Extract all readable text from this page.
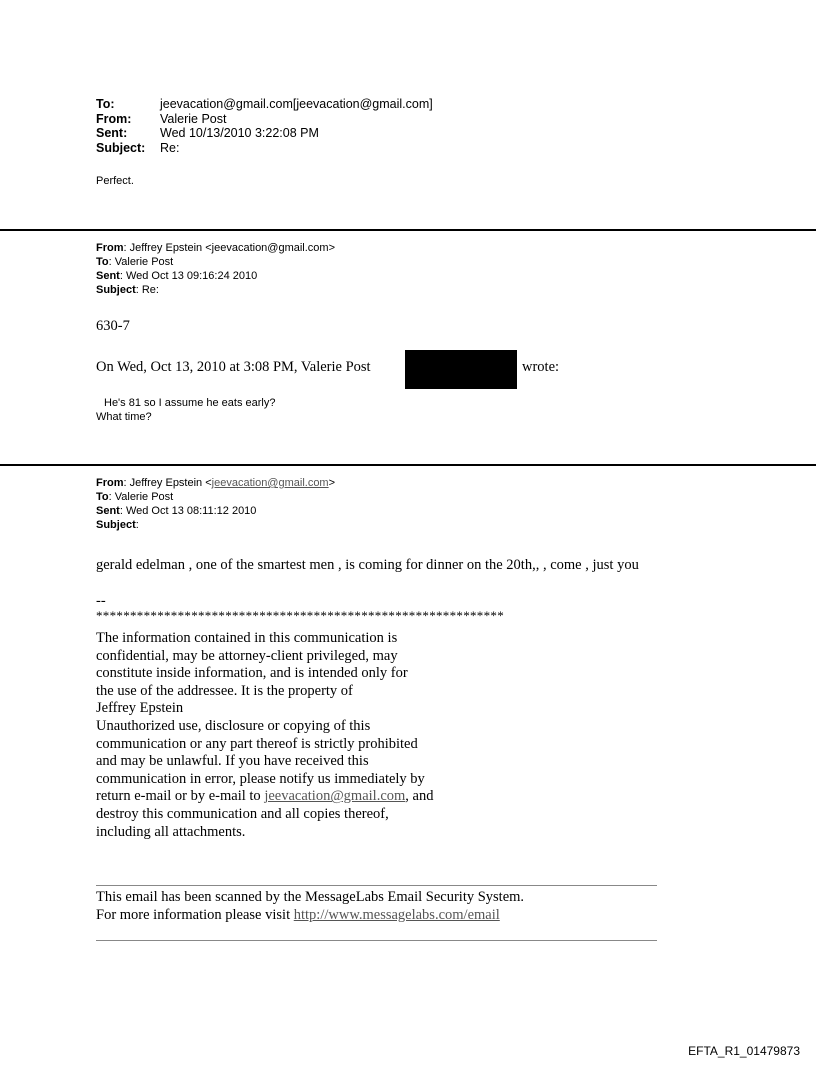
To:	jeevacation@gmail.com[jeevacation@gmail.com]
From:	Valerie Post
Sent:	Wed 10/13/2010 3:22:08 PM
Subject:	Re:
Perfect.
From: Jeffrey Epstein <jeevacation@gmail.com>
To: Valerie Post
Sent: Wed Oct 13 09:16:24 2010
Subject: Re:
630-7
On Wed, Oct 13, 2010 at 3:08 PM, Valerie Post	wrote:
He's 81 so I assume he eats early?
What time?
From: Jeffrey Epstein <jeevacation@gmail.com>
To: Valerie Post
Sent: Wed Oct 13 08:11:12 2010
Subject:
gerald edelman , one of the smartest men , is coming for dinner on the 20th,, , come , just you
--
************************************************************
The information contained in this communication is
confidential, may be attorney-client privileged, may
constitute inside information, and is intended only for
the use of the addressee. It is the property of
Jeffrey Epstein
Unauthorized use, disclosure or copying of this
communication or any part thereof is strictly prohibited
and may be unlawful. If you have received this
communication in error, please notify us immediately by
return e-mail or by e-mail to jeevacation@gmail.com, and
destroy this communication and all copies thereof,
including all attachments.
This email has been scanned by the MessageLabs Email Security System.
For more information please visit http://www.messagelabs.com/email
EFTA_R1_01479873
